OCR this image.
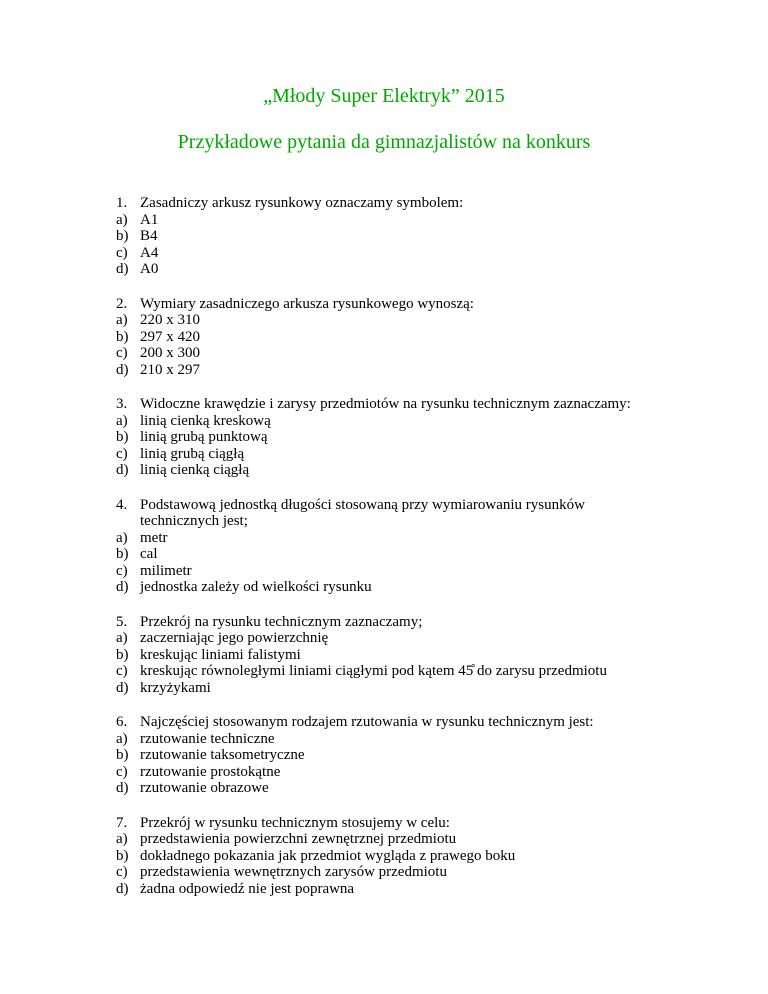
„Młody Super Elektryk” 2015
Przykładowe pytania da gimnazjalistów na konkurs
1. Zasadniczy arkusz rysunkowy oznaczamy symbolem:
a) A1
b) B4
c) A4
d) A0
2. Wymiary zasadniczego arkusza rysunkowego wynoszą:
a) 220 x 310
b) 297 x 420
c) 200 x 300
d) 210 x 297
3. Widoczne krawędzie i zarysy przedmiotów na rysunku technicznym zaznaczamy:
a) linią cienką kreskową
b) linią grubą punktową
c) linią grubą ciągłą
d) linią cienką ciągłą
4. Podstawową jednostką długości stosowaną przy wymiarowaniu rysunków
technicznych jest;
a) metr
b) cal
c) milimetr
d) jednostka zależy od wielkości rysunku
5. Przekrój na rysunku technicznym zaznaczamy;
a) zaczerniając jego powierzchnię
b) kreskując liniami falistymi
c) kreskując równoległymi liniami ciągłymi pod kątem 45̊ do zarysu przedmiotu
d) krzyżykami
6. Najczęściej stosowanym rodzajem rzutowania w rysunku technicznym jest:
a) rzutowanie techniczne
b) rzutowanie taksometryczne
c) rzutowanie prostokątne
d) rzutowanie obrazowe
7. Przekrój w rysunku technicznym stosujemy w celu:
a) przedstawienia powierzchni zewnętrznej przedmiotu
b) dokładnego pokazania jak przedmiot wygląda z prawego boku
c) przedstawienia wewnętrznych zarysów przedmiotu
d) żadna odpowiedź nie jest poprawna
